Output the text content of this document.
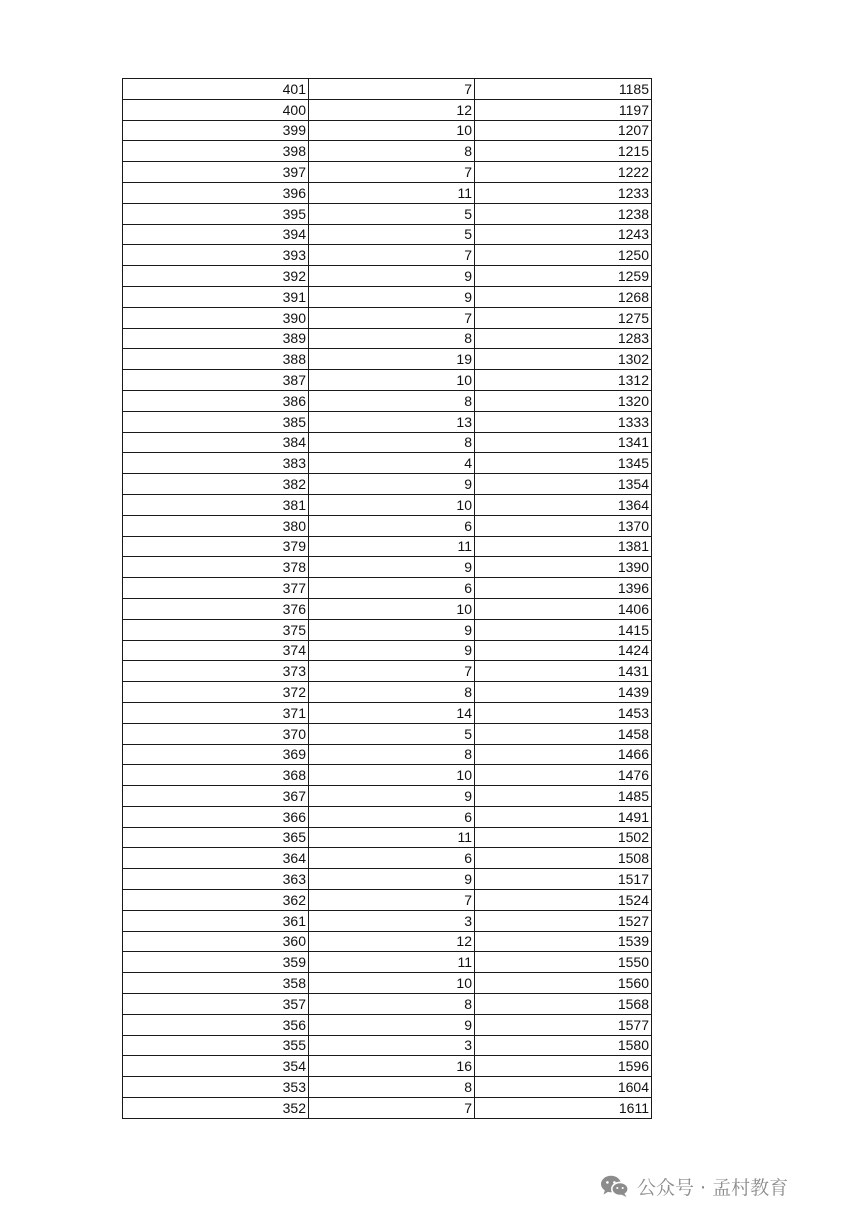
401	7	1185
400	12	1197
399	10	1207
398	8	1215
397	7	1222
396	11	1233
395	5	1238
394	5	1243
393	7	1250
392	9	1259
391	9	1268
390	7	1275
389	8	1283
388	19	1302
387	10	1312
386	8	1320
385	13	1333
384	8	1341
383	4	1345
382	9	1354
381	10	1364
380	6	1370
379	11	1381
378	9	1390
377	6	1396
376	10	1406
375	9	1415
374	9	1424
373	7	1431
372	8	1439
371	14	1453
370	5	1458
369	8	1466
368	10	1476
367	9	1485
366	6	1491
365	11	1502
364	6	1508
363	9	1517
362	7	1524
361	3	1527
360	12	1539
359	11	1550
358	10	1560
357	8	1568
356	9	1577
355	3	1580
354	16	1596
353	8	1604
352	7	1611
公众号 · 孟村教育
